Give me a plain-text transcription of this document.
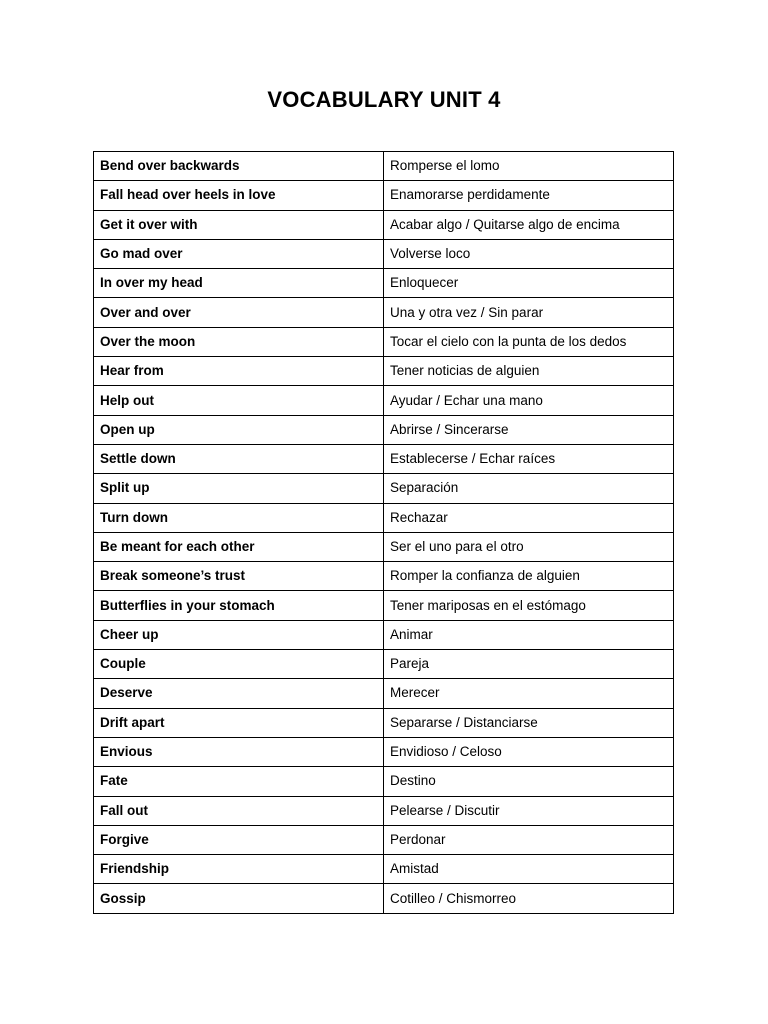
VOCABULARY UNIT 4
Bend over backwards	Romperse el lomo
Fall head over heels in love	Enamorarse perdidamente
Get it over with	Acabar algo / Quitarse algo de encima
Go mad over	Volverse loco
In over my head	Enloquecer
Over and over	Una y otra vez / Sin parar
Over the moon	Tocar el cielo con la punta de los dedos
Hear from	Tener noticias de alguien
Help out	Ayudar / Echar una mano
Open up	Abrirse / Sincerarse
Settle down	Establecerse / Echar raíces
Split up	Separación
Turn down	Rechazar
Be meant for each other	Ser el uno para el otro
Break someone’s trust	Romper la confianza de alguien
Butterflies in your stomach	Tener mariposas en el estómago
Cheer up	Animar
Couple	Pareja
Deserve	Merecer
Drift apart	Separarse / Distanciarse
Envious	Envidioso / Celoso
Fate	Destino
Fall out	Pelearse / Discutir
Forgive	Perdonar
Friendship	Amistad
Gossip	Cotilleo / Chismorreo
